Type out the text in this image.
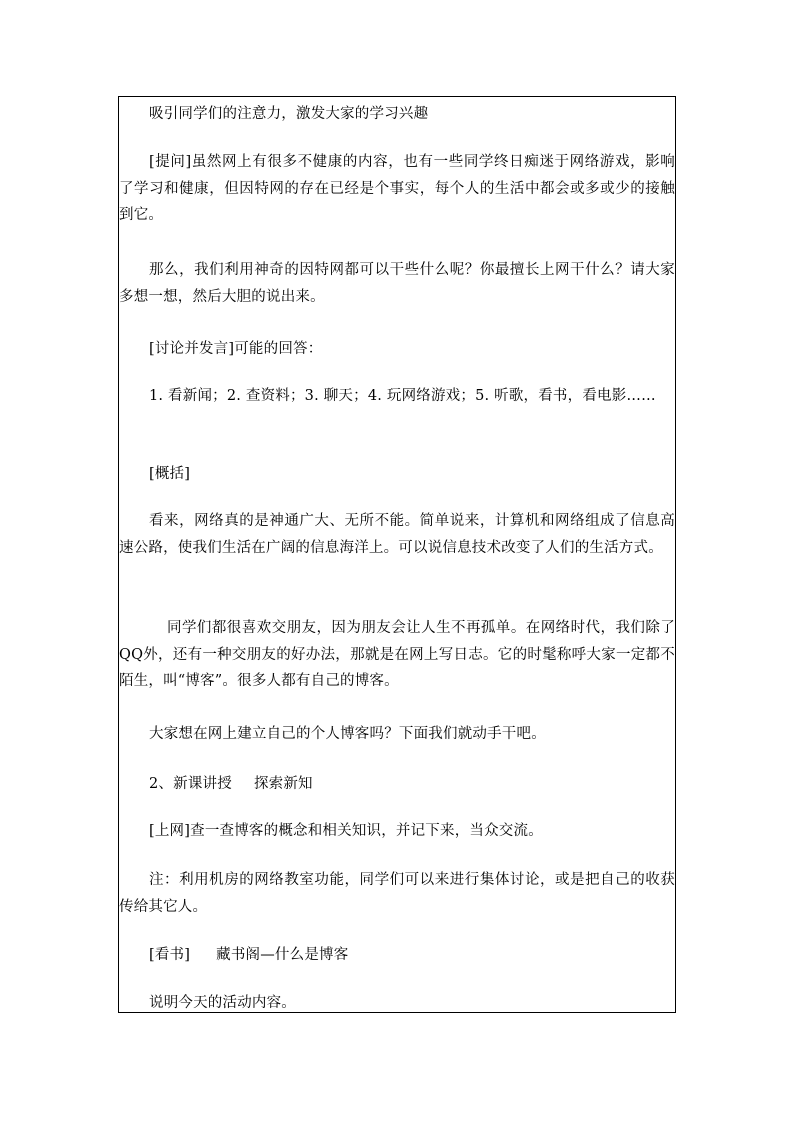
吸引同学们的注意力，激发大家的学习兴趣

[提问]虽然网上有很多不健康的内容，也有一些同学终日痴迷于网络游戏，影响了学习和健康，但因特网的存在已经是个事实，每个人的生活中都会或多或少的接触到它。

那么，我们利用神奇的因特网都可以干些什么呢？你最擅长上网干什么？请大家多想一想，然后大胆的说出来。

[讨论并发言]可能的回答：

1. 看新闻；2. 查资料；3. 聊天；4. 玩网络游戏；5. 听歌，看书，看电影……

[概括]

看来，网络真的是神通广大、无所不能。简单说来，计算机和网络组成了信息高速公路，使我们生活在广阔的信息海洋上。可以说信息技术改变了人们的生活方式。

同学们都很喜欢交朋友，因为朋友会让人生不再孤单。在网络时代，我们除了QQ外，还有一种交朋友的好办法，那就是在网上写日志。它的时髦称呼大家一定都不陌生，叫“博客”。很多人都有自己的博客。

大家想在网上建立自己的个人博客吗？下面我们就动手干吧。

2、新课讲授 探索新知

[上网]查一查博客的概念和相关知识，并记下来，当众交流。

注：利用机房的网络教室功能，同学们可以来进行集体讨论，或是把自己的收获传给其它人。

[看书] 藏书阁—什么是博客

说明今天的活动内容。
